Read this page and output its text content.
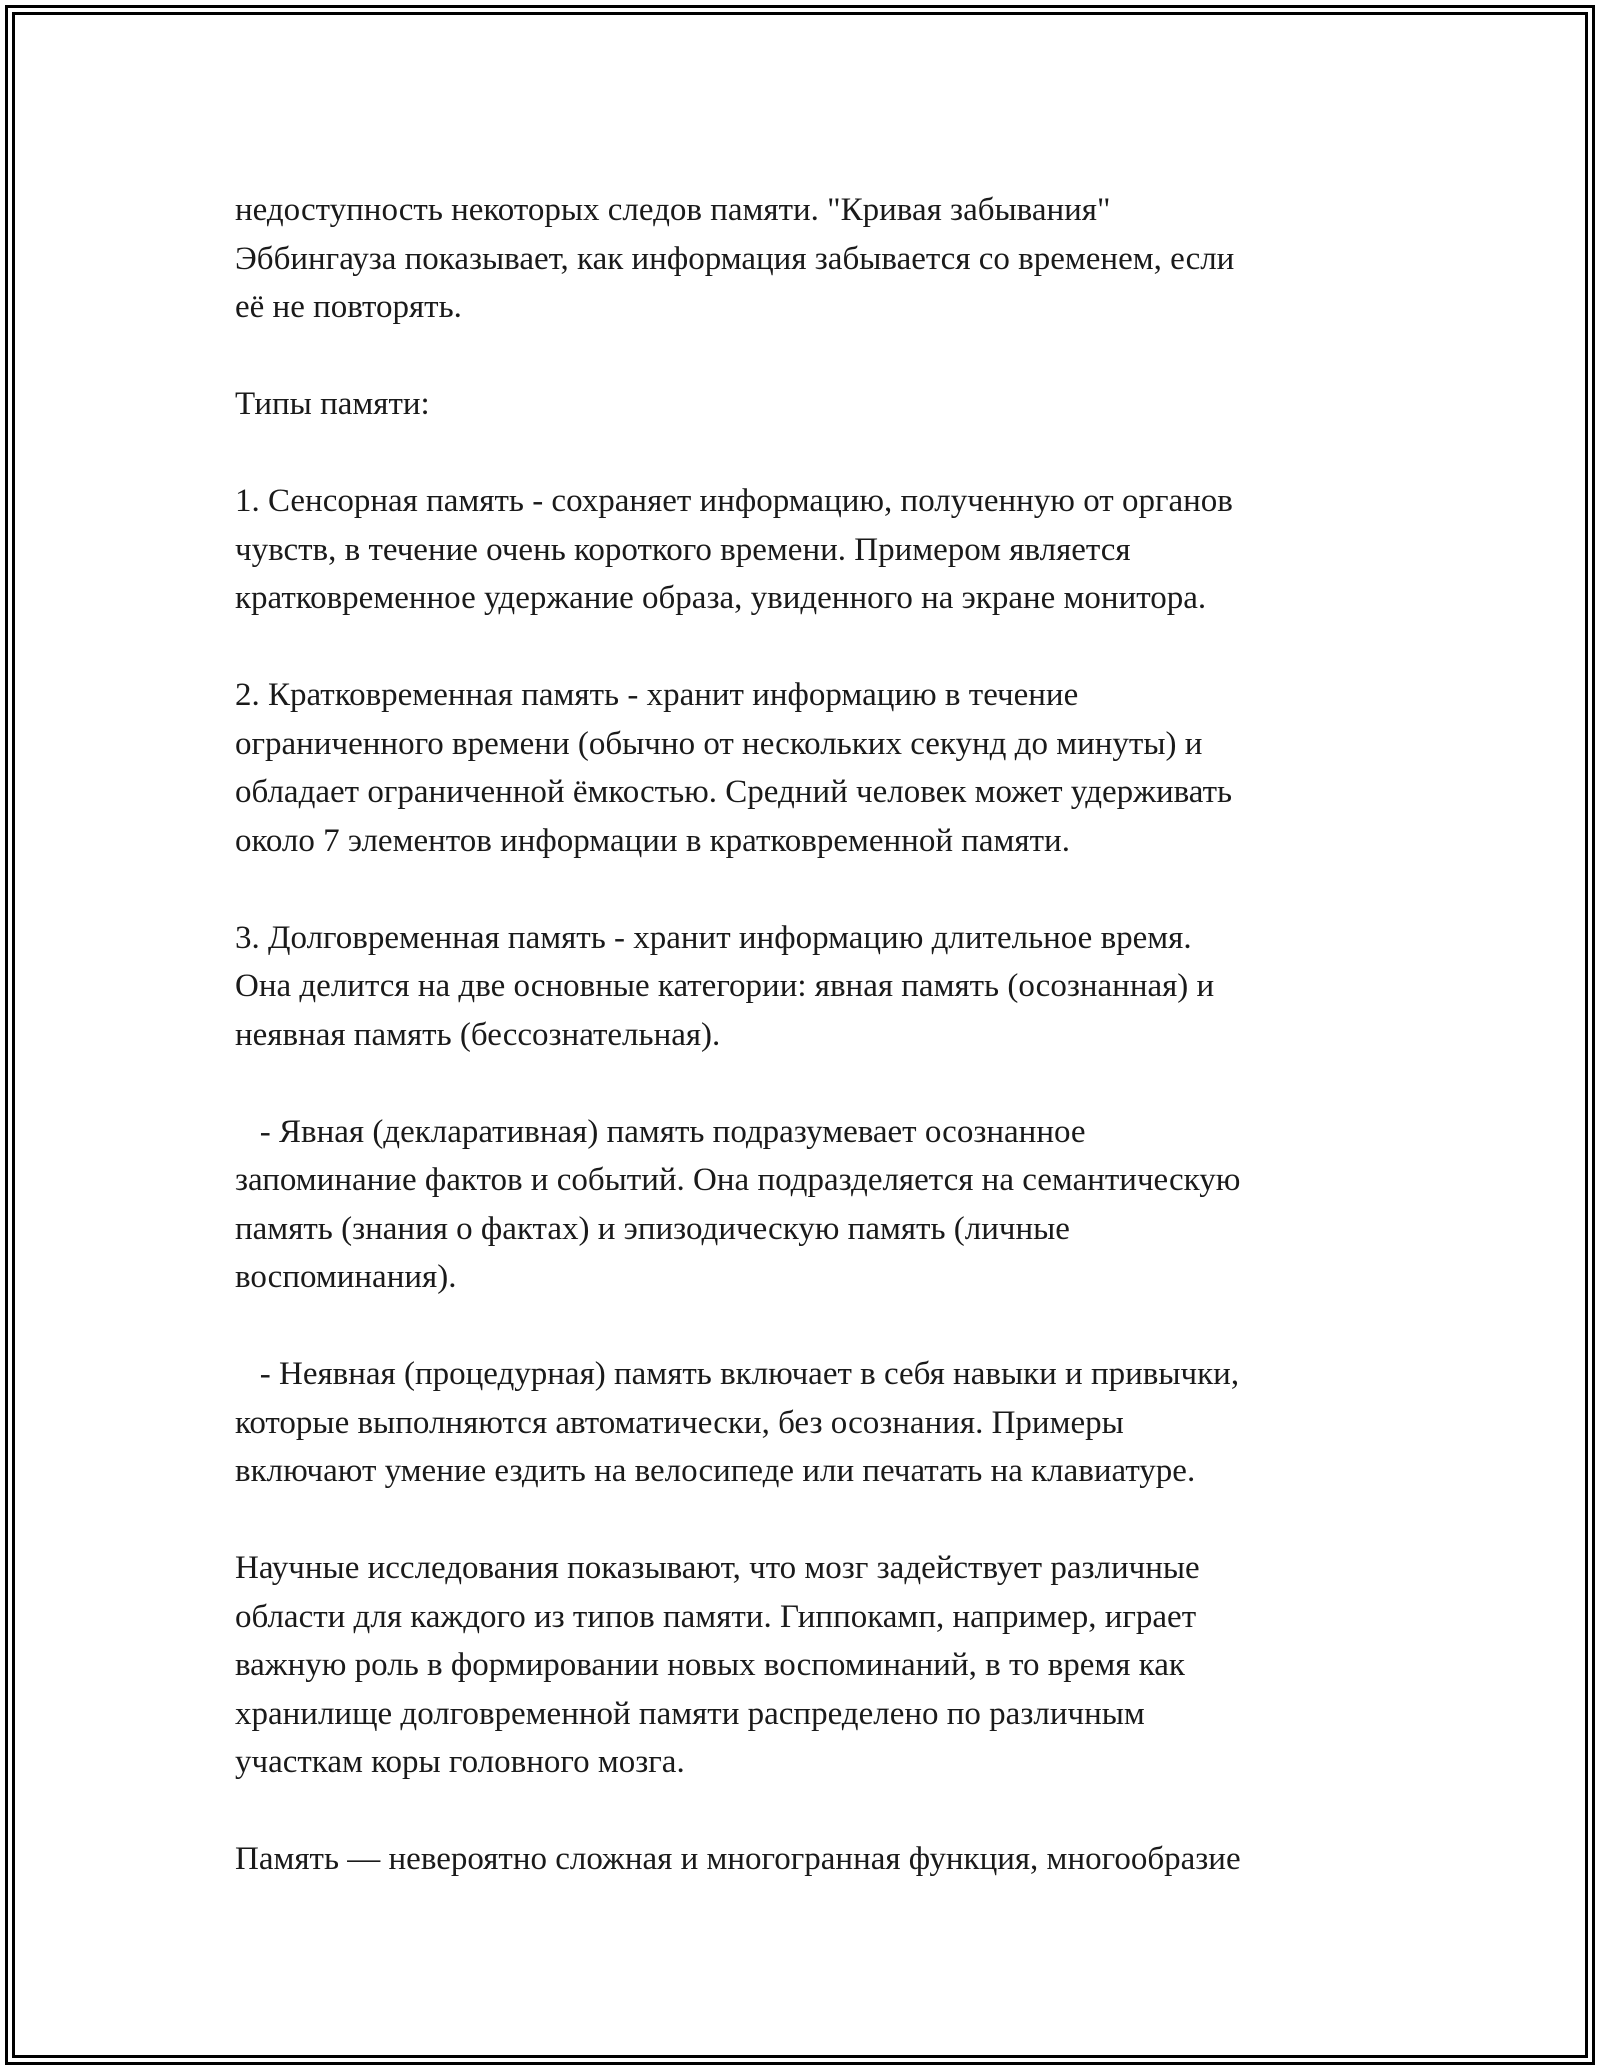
недоступность некоторых следов памяти. "Кривая забывания"
Эббингауза показывает, как информация забывается со временем, если
её не повторять.

Типы памяти:

1. Сенсорная память - сохраняет информацию, полученную от органов
чувств, в течение очень короткого времени. Примером является
кратковременное удержание образа, увиденного на экране монитора.

2. Кратковременная память - хранит информацию в течение
ограниченного времени (обычно от нескольких секунд до минуты) и
обладает ограниченной ёмкостью. Средний человек может удерживать
около 7 элементов информации в кратковременной памяти.

3. Долговременная память - хранит информацию длительное время.
Она делится на две основные категории: явная память (осознанная) и
неявная память (бессознательная).

- Явная (декларативная) память подразумевает осознанное
запоминание фактов и событий. Она подразделяется на семантическую
память (знания о фактах) и эпизодическую память (личные
воспоминания).

- Неявная (процедурная) память включает в себя навыки и привычки,
которые выполняются автоматически, без осознания. Примеры
включают умение ездить на велосипеде или печатать на клавиатуре.

Научные исследования показывают, что мозг задействует различные
области для каждого из типов памяти. Гиппокамп, например, играет
важную роль в формировании новых воспоминаний, в то время как
хранилище долговременной памяти распределено по различным
участкам коры головного мозга.

Память — невероятно сложная и многогранная функция, многообразие
